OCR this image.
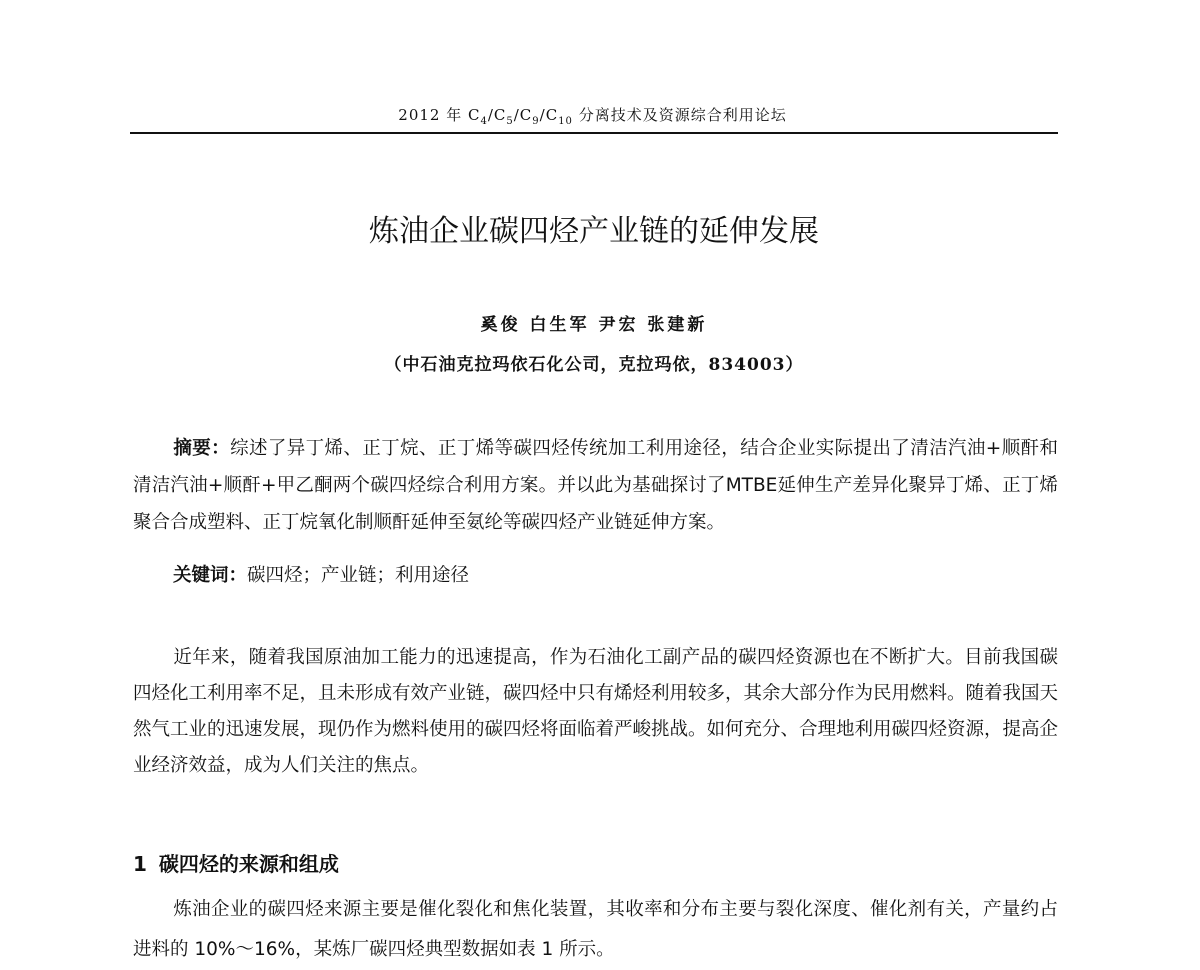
2012 年 $C_4/C_5/C_9/C_{10}$ 分离技术及资源综合利用论坛
炼油企业碳四烃产业链的延伸发展
奚俊 白生军 尹宏 张建新
（中石油克拉玛依石化公司，克拉玛依，834003）
摘要：综述了异丁烯、正丁烷、正丁烯等碳四烃传统加工利用途径，结合企业实际提出了清洁汽油+顺酐和清洁汽油+顺酐+甲乙酮两个碳四烃综合利用方案。并以此为基础探讨了MTBE延伸生产差异化聚异丁烯、正丁烯聚合合成塑料、正丁烷氧化制顺酐延伸至氨纶等碳四烃产业链延伸方案。
关键词：碳四烃；产业链；利用途径
近年来，随着我国原油加工能力的迅速提高，作为石油化工副产品的碳四烃资源也在不断扩大。目前我国碳四烃化工利用率不足，且未形成有效产业链，碳四烃中只有烯烃利用较多，其余大部分作为民用燃料。随着我国天然气工业的迅速发展，现仍作为燃料使用的碳四烃将面临着严峻挑战。如何充分、合理地利用碳四烃资源，提高企业经济效益，成为人们关注的焦点。
1 碳四烃的来源和组成
炼油企业的碳四烃来源主要是催化裂化和焦化装置，其收率和分布主要与裂化深度、催化剂有关，产量约占进料的 10%～16%，某炼厂碳四烃典型数据如表 1 所示。
